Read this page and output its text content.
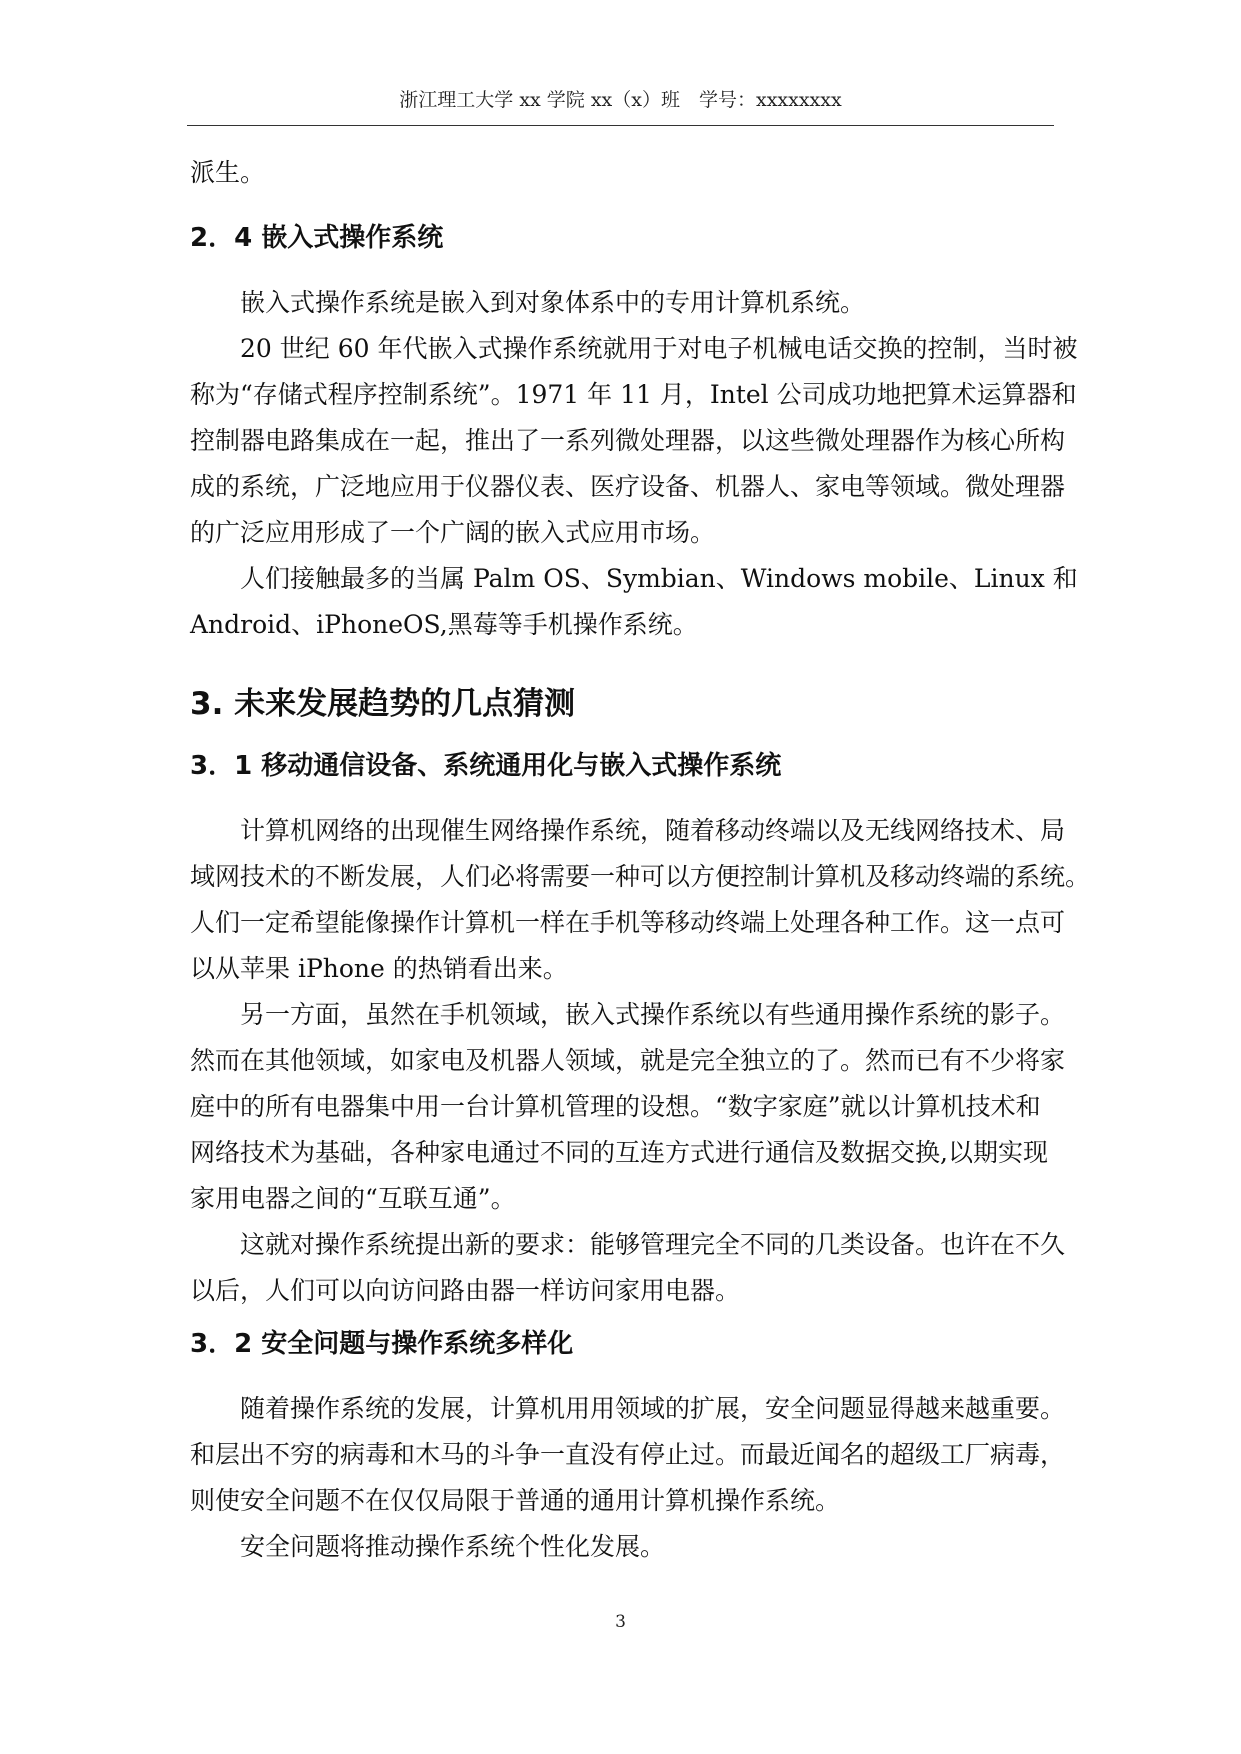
浙江理工大学 xx 学院 xx（x）班　学号：xxxxxxxx
派生。
2．4 嵌入式操作系统
嵌入式操作系统是嵌入到对象体系中的专用计算机系统。
20 世纪 60 年代嵌入式操作系统就用于对电子机械电话交换的控制，当时被
称为“存储式程序控制系统”。1971 年 11 月，Intel 公司成功地把算术运算器和
控制器电路集成在一起，推出了一系列微处理器，以这些微处理器作为核心所构
成的系统，广泛地应用于仪器仪表、医疗设备、机器人、家电等领域。微处理器
的广泛应用形成了一个广阔的嵌入式应用市场。
人们接触最多的当属 Palm OS、Symbian、Windows mobile、Linux 和
Android、iPhoneOS,黑莓等手机操作系统。
3. 未来发展趋势的几点猜测
3．1 移动通信设备、系统通用化与嵌入式操作系统
计算机网络的出现催生网络操作系统，随着移动终端以及无线网络技术、局
域网技术的不断发展，人们必将需要一种可以方便控制计算机及移动终端的系统。
人们一定希望能像操作计算机一样在手机等移动终端上处理各种工作。这一点可
以从苹果 iPhone 的热销看出来。
另一方面，虽然在手机领域，嵌入式操作系统以有些通用操作系统的影子。
然而在其他领域，如家电及机器人领域，就是完全独立的了。然而已有不少将家
庭中的所有电器集中用一台计算机管理的设想。“数字家庭”就以计算机技术和
网络技术为基础，各种家电通过不同的互连方式进行通信及数据交换,以期实现
家用电器之间的“互联互通”。
这就对操作系统提出新的要求：能够管理完全不同的几类设备。也许在不久
以后，人们可以向访问路由器一样访问家用电器。
3．2 安全问题与操作系统多样化
随着操作系统的发展，计算机用用领域的扩展，安全问题显得越来越重要。
和层出不穷的病毒和木马的斗争一直没有停止过。而最近闻名的超级工厂病毒，
则使安全问题不在仅仅局限于普通的通用计算机操作系统。
安全问题将推动操作系统个性化发展。
3
